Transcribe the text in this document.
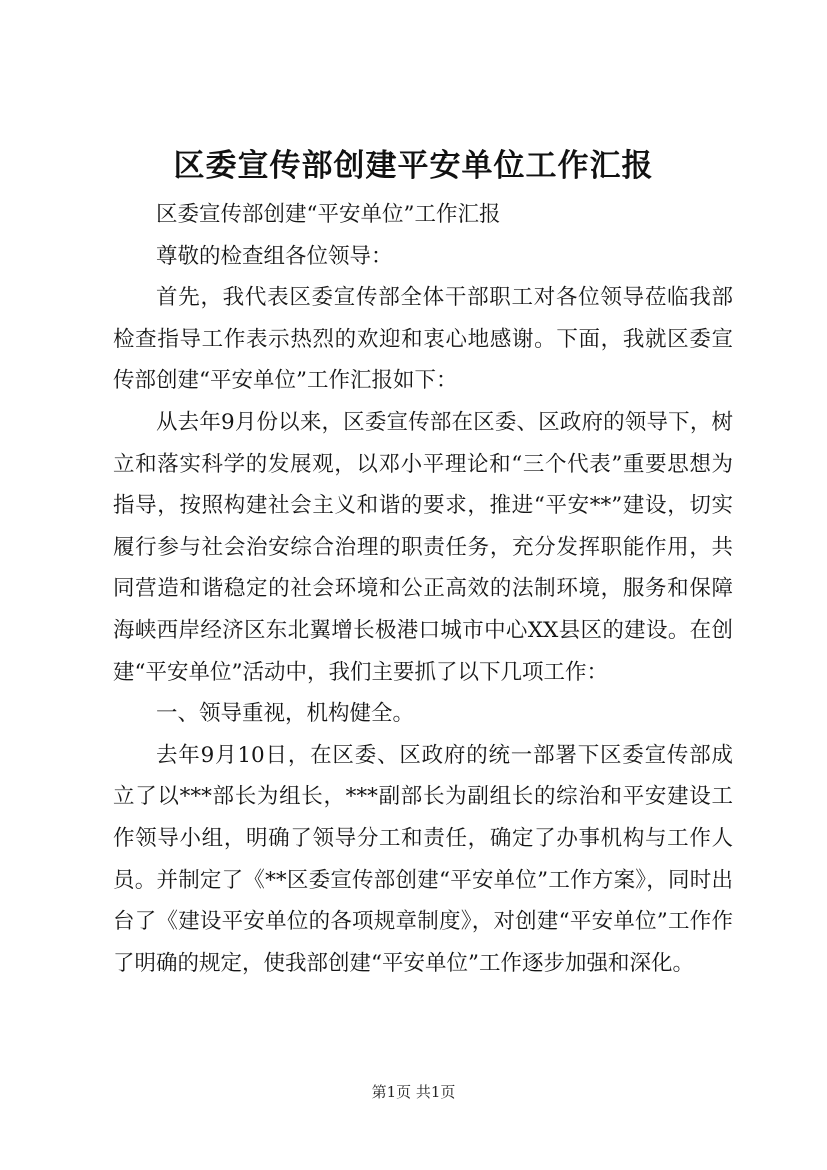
区委宣传部创建平安单位工作汇报

区委宣传部创建“平安单位”工作汇报

尊敬的检查组各位领导：

首先，我代表区委宣传部全体干部职工对各位领导莅临我部检查指导工作表示热烈的欢迎和衷心地感谢。下面，我就区委宣传部创建“平安单位”工作汇报如下：

从去年9月份以来，区委宣传部在区委、区政府的领导下，树立和落实科学的发展观，以邓小平理论和“三个代表”重要思想为指导，按照构建社会主义和谐的要求，推进“平安**”建设，切实履行参与社会治安综合治理的职责任务，充分发挥职能作用，共同营造和谐稳定的社会环境和公正高效的法制环境，服务和保障海峡西岸经济区东北翼增长极港口城市中心XX县区的建设。在创建“平安单位”活动中，我们主要抓了以下几项工作：

一、领导重视，机构健全。

去年9月10日，在区委、区政府的统一部署下区委宣传部成立了以***部长为组长，***副部长为副组长的综治和平安建设工作领导小组，明确了领导分工和责任，确定了办事机构与工作人员。并制定了《**区委宣传部创建“平安单位”工作方案》，同时出台了《建设平安单位的各项规章制度》，对创建“平安单位”工作作了明确的规定，使我部创建“平安单位”工作逐步加强和深化。

第1页 共1页
